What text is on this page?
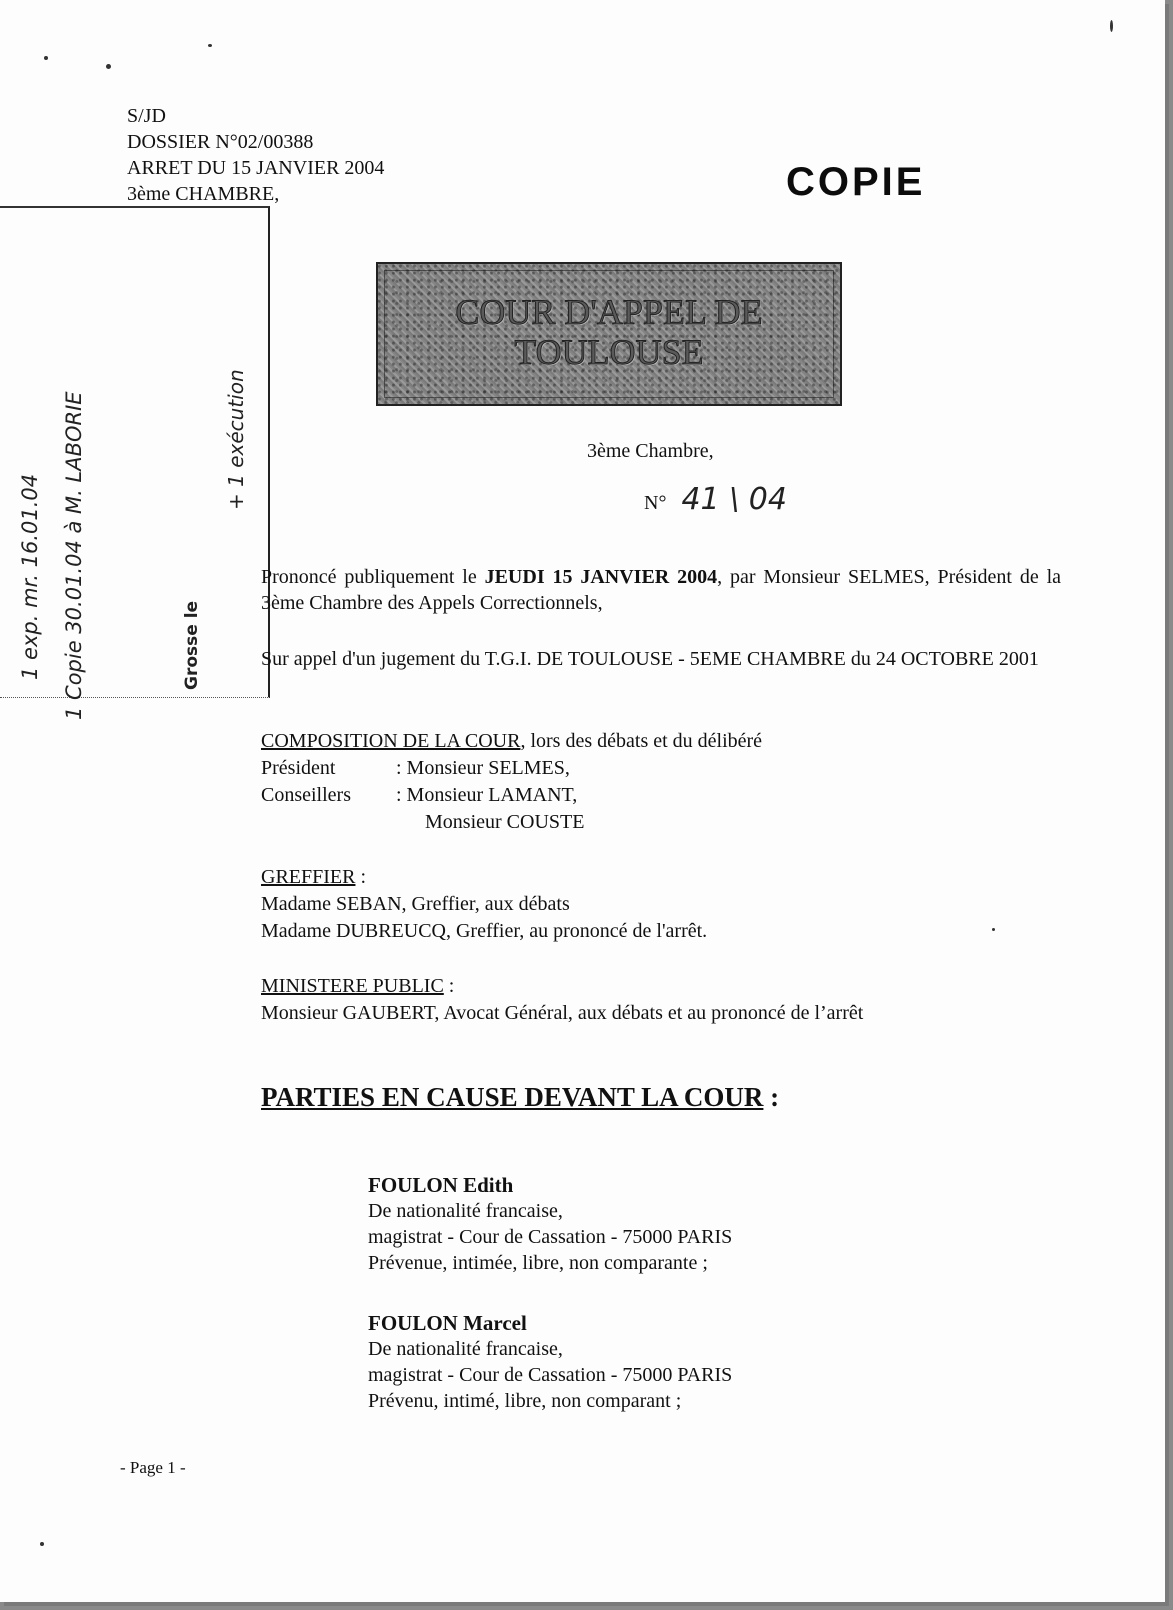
S/JD
DOSSIER N°02/00388
ARRET DU 15 JANVIER 2004
3ème CHAMBRE,	COPIE
Grosse le
1 Copie 30.01.04 à M. LABORIE
1 exp. mr. 16.01.04
+ 1 exécution
COUR D'APPEL DE
TOULOUSE
3ème Chambre,
N° 41 \ 04
Prononcé publiquement le JEUDI 15 JANVIER 2004, par Monsieur SELMES, Président de la 3ème Chambre des Appels Correctionnels,
Sur appel d'un jugement du T.G.I. DE TOULOUSE - 5EME CHAMBRE du 24 OCTOBRE 2001
COMPOSITION DE LA COUR, lors des débats et du délibéré
Président	: Monsieur SELMES,
Conseillers : Monsieur LAMANT,
Monsieur COUSTE
GREFFIER :
Madame SEBAN, Greffier, aux débats
Madame DUBREUCQ, Greffier, au prononcé de l'arrêt.
MINISTERE PUBLIC :
Monsieur GAUBERT, Avocat Général, aux débats et au prononcé de l’arrêt
PARTIES EN CAUSE DEVANT LA COUR :
FOULON Edith
De nationalité francaise,
magistrat - Cour de Cassation - 75000 PARIS
Prévenue, intimée, libre, non comparante ;
FOULON Marcel
De nationalité francaise,
magistrat - Cour de Cassation - 75000 PARIS
Prévenu, intimé, libre, non comparant ;
- Page 1 -
